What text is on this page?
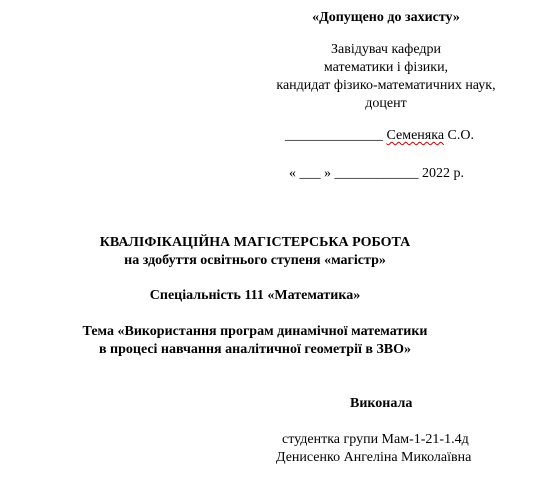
«Допущено до захисту»
Завідувач кафедри
математики і фізики,
кандидат фізико-математичних наук,
доцент
______________ Семеняка С.О.
« ___ » ____________ 2022 р.
КВАЛІФІКАЦІЙНА МАГІСТЕРСЬКА РОБОТА
на здобуття освітнього ступеня «магістр»
Спеціальність 111 «Математика»
Тема «Використання програм динамічної математики
в процесі навчання аналітичної геометрії в ЗВО»
Виконала
студентка групи Мам-1-21-1.4д
Денисенко Ангеліна Миколаївна
